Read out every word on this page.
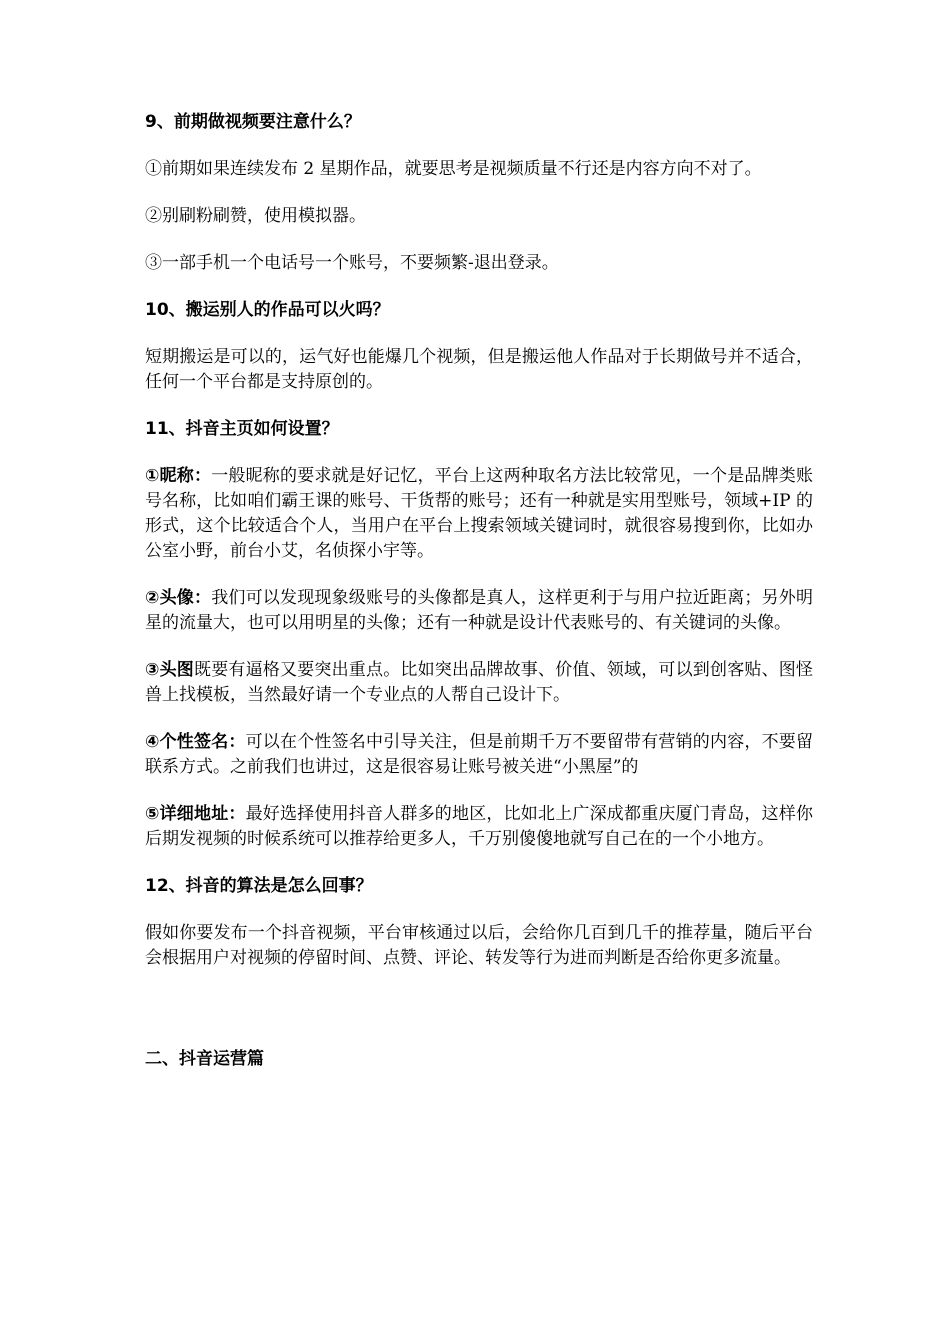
9、前期做视频要注意什么？
①前期如果连续发布 2 星期作品，就要思考是视频质量不行还是内容方向不对了。
②别刷粉刷赞，使用模拟器。
③一部手机一个电话号一个账号，不要频繁-退出登录。
10、搬运别人的作品可以火吗？
短期搬运是可以的，运气好也能爆几个视频，但是搬运他人作品对于长期做号并不适合，任何一个平台都是支持原创的。
11、抖音主页如何设置？
①昵称：一般昵称的要求就是好记忆，平台上这两种取名方法比较常见，一个是品牌类账号名称，比如咱们霸王课的账号、干货帮的账号；还有一种就是实用型账号，领域+IP 的形式，这个比较适合个人，当用户在平台上搜索领域关键词时，就很容易搜到你，比如办公室小野，前台小艾，名侦探小宇等。
②头像：我们可以发现现象级账号的头像都是真人，这样更利于与用户拉近距离；另外明星的流量大，也可以用明星的头像；还有一种就是设计代表账号的、有关键词的头像。
③头图既要有逼格又要突出重点。比如突出品牌故事、价值、领域，可以到创客贴、图怪兽上找模板，当然最好请一个专业点的人帮自己设计下。
④个性签名：可以在个性签名中引导关注，但是前期千万不要留带有营销的内容，不要留联系方式。之前我们也讲过，这是很容易让账号被关进“小黑屋”的
⑤详细地址：最好选择使用抖音人群多的地区，比如北上广深成都重庆厦门青岛，这样你后期发视频的时候系统可以推荐给更多人，千万别傻傻地就写自己在的一个小地方。
12、抖音的算法是怎么回事？
假如你要发布一个抖音视频，平台审核通过以后，会给你几百到几千的推荐量，随后平台会根据用户对视频的停留时间、点赞、评论、转发等行为进而判断是否给你更多流量。
二、抖音运营篇
